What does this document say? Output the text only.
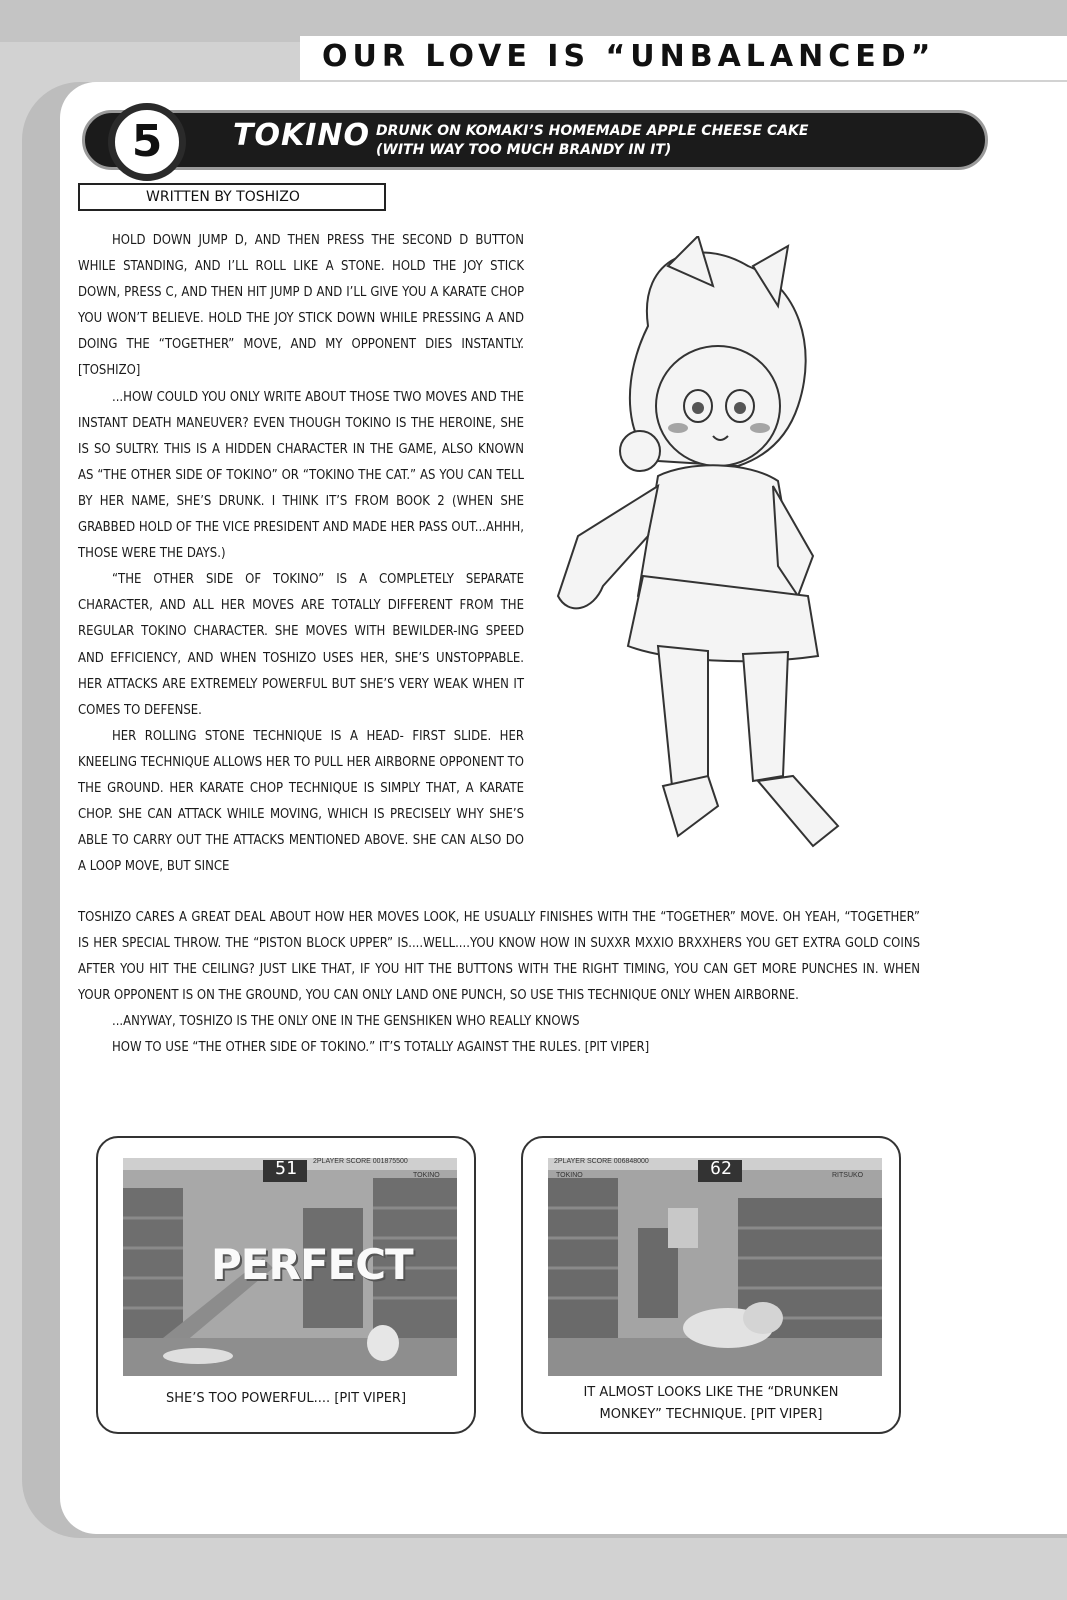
OUR LOVE IS “UNBALANCED”
5	TOKINO DRUNK ON KOMAKI’S HOMEMADE APPLE CHEESE CAKE
(WITH WAY TOO MUCH BRANDY IN IT)
WRITTEN BY TOSHIZO

HOLD DOWN JUMP D, AND THEN PRESS THE SECOND D BUTTON WHILE STANDING, AND I’LL ROLL LIKE A STONE. HOLD THE JOY STICK DOWN, PRESS C, AND THEN HIT JUMP D AND I’LL GIVE YOU A KARATE CHOP YOU WON’T BELIEVE. HOLD THE JOY STICK DOWN WHILE PRESSING A AND DOING THE “TOGETHER” MOVE, AND MY OPPONENT DIES INSTANTLY. [TOSHIZO]

...HOW COULD YOU ONLY WRITE ABOUT THOSE TWO MOVES AND THE INSTANT DEATH MANEUVER? EVEN THOUGH TOKINO IS THE HEROINE, SHE IS SO SULTRY. THIS IS A HIDDEN CHARACTER IN THE GAME, ALSO KNOWN AS “THE OTHER SIDE OF TOKINO” OR “TOKINO THE CAT.” AS YOU CAN TELL BY HER NAME, SHE’S DRUNK. I THINK IT’S FROM BOOK 2 (WHEN SHE GRABBED HOLD OF THE VICE PRESIDENT AND MADE HER PASS OUT...AHHH, THOSE WERE THE DAYS.)

“THE OTHER SIDE OF TOKINO” IS A COMPLETELY SEPARATE CHARACTER, AND ALL HER MOVES ARE TOTALLY DIFFERENT FROM THE REGULAR TOKINO CHARACTER. SHE MOVES WITH BEWILDER-ING SPEED AND EFFICIENCY, AND WHEN TOSHIZO USES HER, SHE’S UNSTOPPABLE. HER ATTACKS ARE EXTREMELY POWERFUL BUT SHE’S VERY WEAK WHEN IT COMES TO DEFENSE.

HER ROLLING STONE TECHNIQUE IS A HEAD- FIRST SLIDE. HER KNEELING TECHNIQUE ALLOWS HER TO PULL HER AIRBORNE OPPONENT TO THE GROUND. HER KARATE CHOP TECHNIQUE IS SIMPLY THAT, A KARATE CHOP. SHE CAN ATTACK WHILE MOVING, WHICH IS PRECISELY WHY SHE’S ABLE TO CARRY OUT THE ATTACKS MENTIONED ABOVE. SHE CAN ALSO DO A LOOP MOVE, BUT SINCE

TOSHIZO CARES A GREAT DEAL ABOUT HOW HER MOVES LOOK, HE USUALLY FINISHES WITH THE “TOGETHER” MOVE. OH YEAH, “TOGETHER” IS HER SPECIAL THROW. THE “PISTON BLOCK UPPER” IS....WELL....YOU KNOW HOW IN SUXXR MXXIO BRXXHERS YOU GET EXTRA GOLD COINS AFTER YOU HIT THE CEILING? JUST LIKE THAT, IF YOU HIT THE BUTTONS WITH THE RIGHT TIMING, YOU CAN GET MORE PUNCHES IN. WHEN YOUR OPPONENT IS ON THE GROUND, YOU CAN ONLY LAND ONE PUNCH, SO USE THIS TECHNIQUE ONLY WHEN AIRBORNE.

...ANYWAY, TOSHIZO IS THE ONLY ONE IN THE GENSHIKEN WHO REALLY KNOWS

HOW TO USE “THE OTHER SIDE OF TOKINO.” IT’S TOTALLY AGAINST THE RULES. [PIT VIPER]

51	2PLAYER SCORE 001875500
TOKINO
PERFECT
SHE’S TOO POWERFUL.... [PIT VIPER]
2PLAYER SCORE 006848000	62
TOKINO	RITSUKO
IT ALMOST LOOKS LIKE THE “DRUNKEN
MONKEY” TECHNIQUE. [PIT VIPER]
